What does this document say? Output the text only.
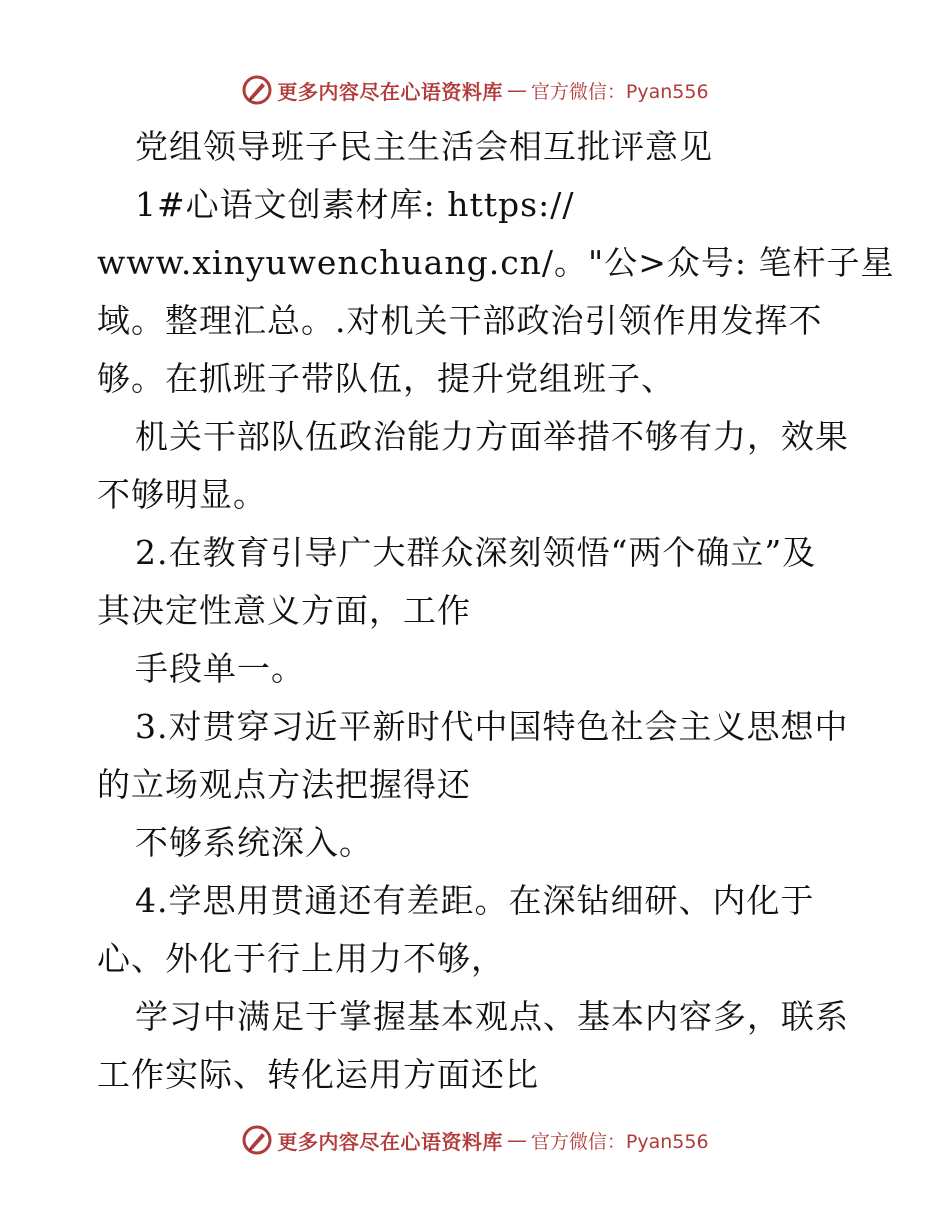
更多内容尽在心语资料库 — 官方微信：Pyan556

党组领导班子民主生活会相互批评意见

1#心语文创素材库: https://

www.xinyuwenchuang.cn/。"公>众号: 笔杆子星

域。整理汇总。.对机关干部政治引领作用发挥不

够。在抓班子带队伍，提升党组班子、

机关干部队伍政治能力方面举措不够有力，效果

不够明显。

2.在教育引导广大群众深刻领悟“两个确立”及

其决定性意义方面，工作

手段单一。

3.对贯穿习近平新时代中国特色社会主义思想中

的立场观点方法把握得还

不够系统深入。

4.学思用贯通还有差距。在深钻细研、内化于

心、外化于行上用力不够，

学习中满足于掌握基本观点、基本内容多，联系

工作实际、转化运用方面还比

更多内容尽在心语资料库 — 官方微信：Pyan556
